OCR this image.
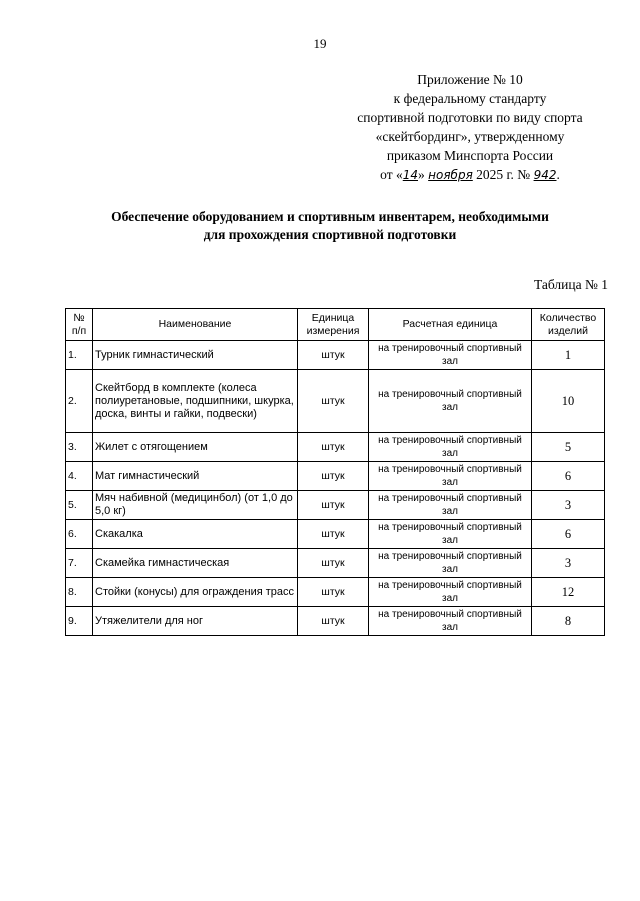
19
Приложение № 10
к федеральному стандарту
спортивной подготовки по виду спорта
«скейтбординг», утвержденному
приказом Минспорта России
от «14» ноября 2025 г. № 942.
Обеспечение оборудованием и спортивным инвентарем, необходимыми
для прохождения спортивной подготовки
Таблица № 1
№ п/п	Наименование	Единица измерения	Расчетная единица	Количество изделий
1.	Турник гимнастический	штук	на тренировочный спортивный зал	1
2.	Скейтборд в комплекте (колеса полиуретановые, подшипники, шкурка, доска, винты и гайки, подвески)	штук	на тренировочный спортивный зал	10
3.	Жилет с отягощением	штук	на тренировочный спортивный зал	5
4.	Мат гимнастический	штук	на тренировочный спортивный зал	6
5.	Мяч набивной (медицинбол) (от 1,0 до 5,0 кг)	штук	на тренировочный спортивный зал	3
6.	Скакалка	штук	на тренировочный спортивный зал	6
7.	Скамейка гимнастическая	штук	на тренировочный спортивный зал	3
8.	Стойки (конусы) для ограждения трасс	штук	на тренировочный спортивный зал	12
9.	Утяжелители для ног	штук	на тренировочный спортивный зал	8
